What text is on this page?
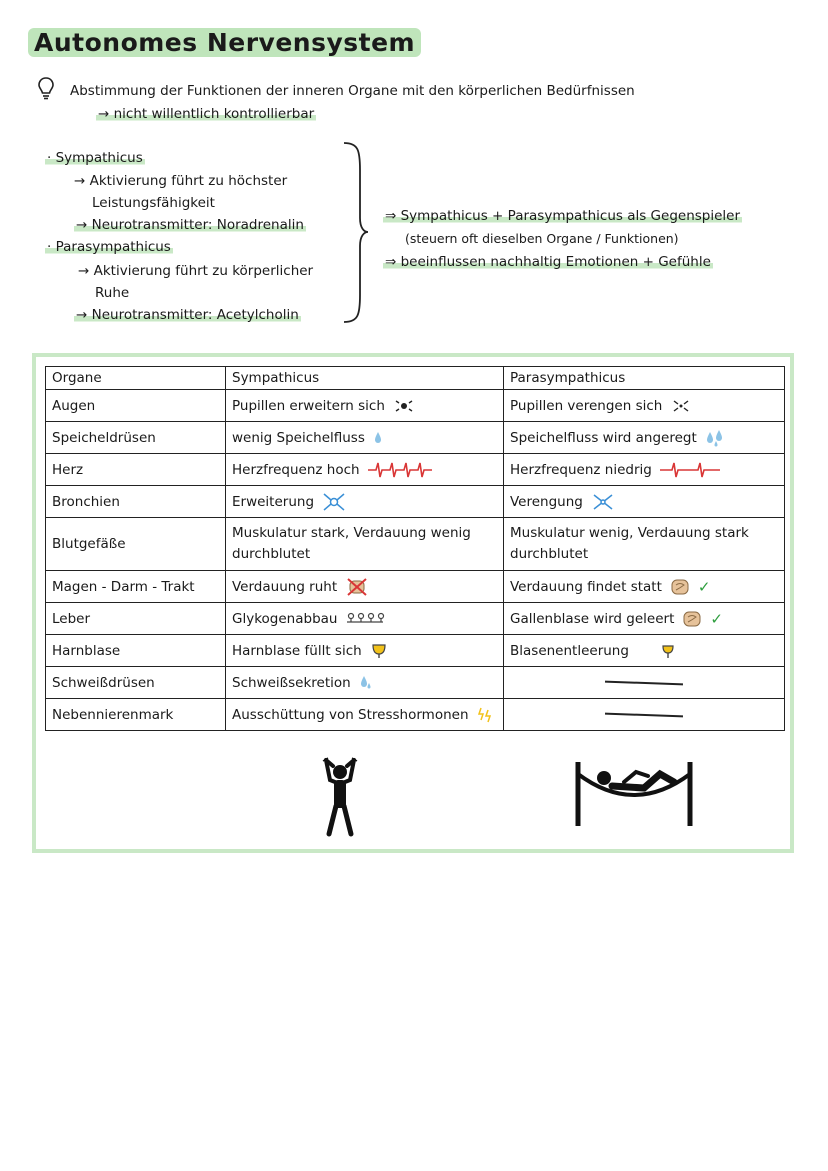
Autonomes Nervensystem
Abstimmung der Funktionen der inneren Organe mit den körperlichen Bedürfnissen
→ nicht willentlich kontrollierbar
· Sympathicus
→ Aktivierung führt zu höchster
Leistungsfähigkeit
→ Neurotransmitter: Noradrenalin
· Parasympathicus
→ Aktivierung führt zu körperlicher
Ruhe
→ Neurotransmitter: Acetylcholin
⇒ Sympathicus + Parasympathicus als Gegenspieler
(steuern oft dieselben Organe / Funktionen)
⇒ beeinflussen nachhaltig Emotionen + Gefühle
Organe	Sympathicus	Parasympathicus
Augen	Pupillen erweitern sich	Pupillen verengen sich

Speicheldrüsen	wenig Speichelfluss	Speichelfluss wird angeregt

Herz	Herzfrequenz hoch	Herzfrequenz niedrig

Bronchien	Erweiterung	Verengung

Blutgefäße	Muskulatur stark, Verdauung wenig durchblutet	Muskulatur wenig, Verdauung stark durchblutet

Magen - Darm - Trakt	Verdauung ruht	Verdauung findet statt ✓

Leber	Glykogenabbau	Gallenblase wird geleert ✓

Harnblase	Harnblase füllt sich	Blasenentleerung

Schweißdrüsen	Schweißsekretion	

Nebennierenmark	Ausschüttung von Stresshormonen	
